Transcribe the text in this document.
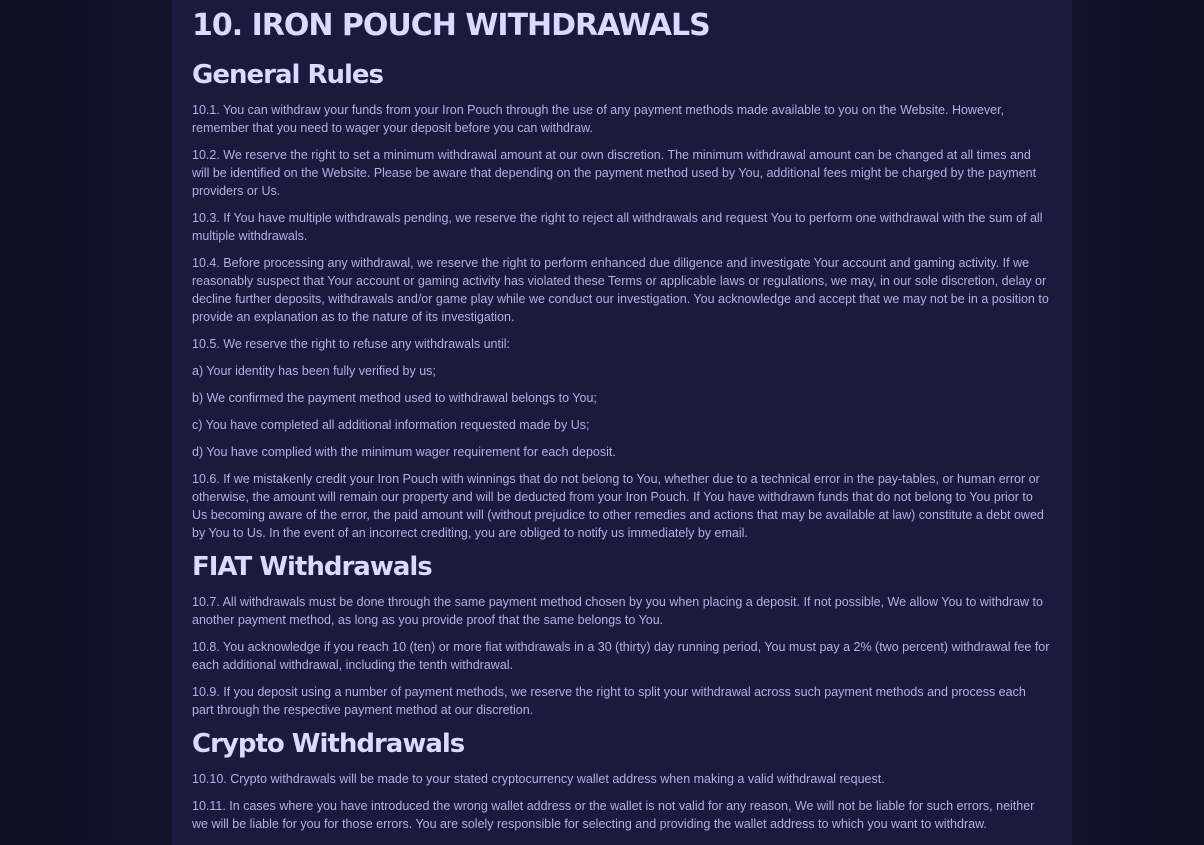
10. IRON POUCH WITHDRAWALS
General Rules

10.1. You can withdraw your funds from your Iron Pouch through the use of any payment methods made available to you on the Website. However, remember that you need to wager your deposit before you can withdraw.

10.2. We reserve the right to set a minimum withdrawal amount at our own discretion. The minimum withdrawal amount can be changed at all times and will be identified on the Website. Please be aware that depending on the payment method used by You, additional fees might be charged by the payment providers or Us.

10.3. If You have multiple withdrawals pending, we reserve the right to reject all withdrawals and request You to perform one withdrawal with the sum of all multiple withdrawals.

10.4. Before processing any withdrawal, we reserve the right to perform enhanced due diligence and investigate Your account and gaming activity. If we reasonably suspect that Your account or gaming activity has violated these Terms or applicable laws or regulations, we may, in our sole discretion, delay or decline further deposits, withdrawals and/or game play while we conduct our investigation. You acknowledge and accept that we may not be in a position to provide an explanation as to the nature of its investigation.

10.5. We reserve the right to refuse any withdrawals until:

a) Your identity has been fully verified by us;

b) We confirmed the payment method used to withdrawal belongs to You;

c) You have completed all additional information requested made by Us;

d) You have complied with the minimum wager requirement for each deposit.

10.6. If we mistakenly credit your Iron Pouch with winnings that do not belong to You, whether due to a technical error in the pay-tables, or human error or otherwise, the amount will remain our property and will be deducted from your Iron Pouch. If You have withdrawn funds that do not belong to You prior to Us becoming aware of the error, the paid amount will (without prejudice to other remedies and actions that may be available at law) constitute a debt owed by You to Us. In the event of an incorrect crediting, you are obliged to notify us immediately by email.

FIAT Withdrawals

10.7. All withdrawals must be done through the same payment method chosen by you when placing a deposit. If not possible, We allow You to withdraw to another payment method, as long as you provide proof that the same belongs to You.

10.8. You acknowledge if you reach 10 (ten) or more fiat withdrawals in a 30 (thirty) day running period, You must pay a 2% (two percent) withdrawal fee for each additional withdrawal, including the tenth withdrawal.

10.9. If you deposit using a number of payment methods, we reserve the right to split your withdrawal across such payment methods and process each part through the respective payment method at our discretion.

Crypto Withdrawals

10.10. Crypto withdrawals will be made to your stated cryptocurrency wallet address when making a valid withdrawal request.

10.11. In cases where you have introduced the wrong wallet address or the wallet is not valid for any reason, We will not be liable for such errors, neither we will be liable for you for those errors. You are solely responsible for selecting and providing the wallet address to which you want to withdraw.
